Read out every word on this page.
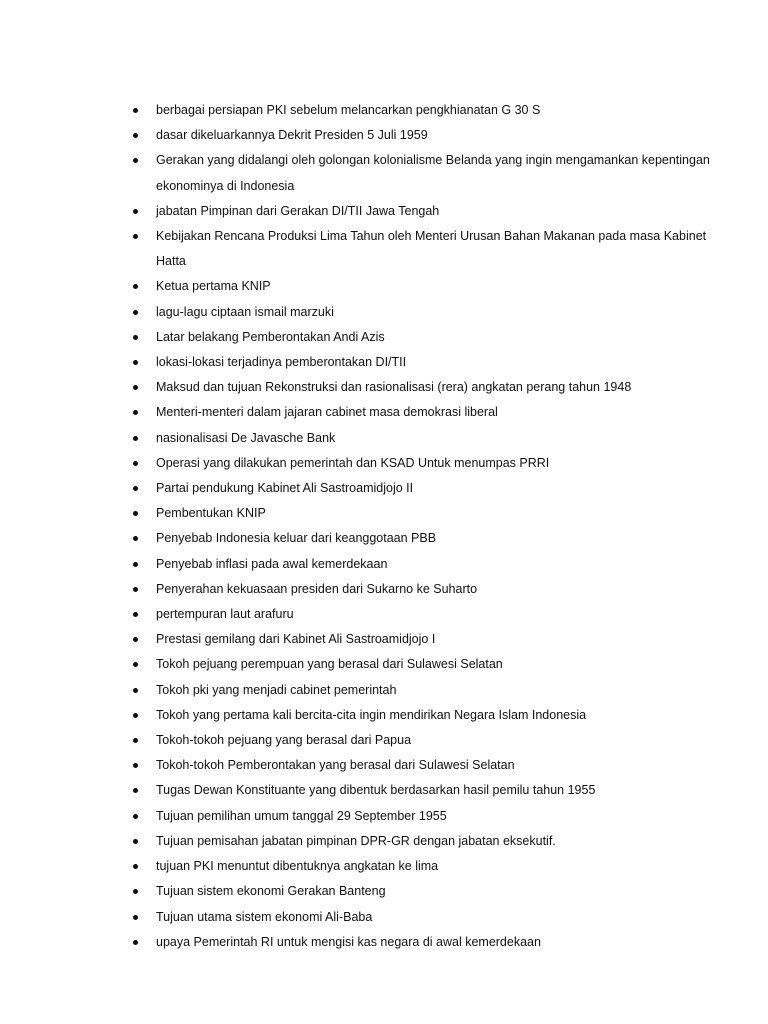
berbagai persiapan PKI sebelum melancarkan pengkhianatan G 30 S
dasar dikeluarkannya Dekrit Presiden 5 Juli 1959
Gerakan yang didalangi oleh golongan kolonialisme Belanda yang ingin mengamankan kepentingan ekonominya di Indonesia
jabatan Pimpinan dari Gerakan DI/TII Jawa Tengah
Kebijakan Rencana Produksi Lima Tahun oleh Menteri Urusan Bahan Makanan pada masa Kabinet Hatta
Ketua pertama KNIP
lagu-lagu ciptaan ismail marzuki
Latar belakang Pemberontakan Andi Azis
lokasi-lokasi terjadinya pemberontakan DI/TII
Maksud dan tujuan Rekonstruksi dan rasionalisasi (rera) angkatan perang tahun 1948
Menteri-menteri dalam jajaran cabinet masa demokrasi liberal
nasionalisasi De Javasche Bank
Operasi yang dilakukan pemerintah dan KSAD Untuk menumpas PRRI
Partai pendukung Kabinet Ali Sastroamidjojo II
Pembentukan KNIP
Penyebab Indonesia keluar dari keanggotaan PBB
Penyebab inflasi pada awal kemerdekaan
Penyerahan kekuasaan presiden dari Sukarno ke Suharto
pertempuran laut arafuru
Prestasi gemilang dari Kabinet Ali Sastroamidjojo I
Tokoh pejuang perempuan yang berasal dari Sulawesi Selatan
Tokoh pki yang menjadi cabinet pemerintah
Tokoh yang pertama kali bercita-cita ingin mendirikan Negara Islam Indonesia
Tokoh-tokoh pejuang yang berasal dari Papua
Tokoh-tokoh Pemberontakan yang berasal dari Sulawesi Selatan
Tugas Dewan Konstituante yang dibentuk berdasarkan hasil pemilu tahun 1955
Tujuan pemilihan umum tanggal 29 September 1955
Tujuan pemisahan jabatan pimpinan DPR-GR dengan jabatan eksekutif.
tujuan PKI menuntut dibentuknya angkatan ke lima
Tujuan sistem ekonomi Gerakan Banteng
Tujuan utama sistem ekonomi Ali-Baba
upaya Pemerintah RI untuk mengisi kas negara di awal kemerdekaan
